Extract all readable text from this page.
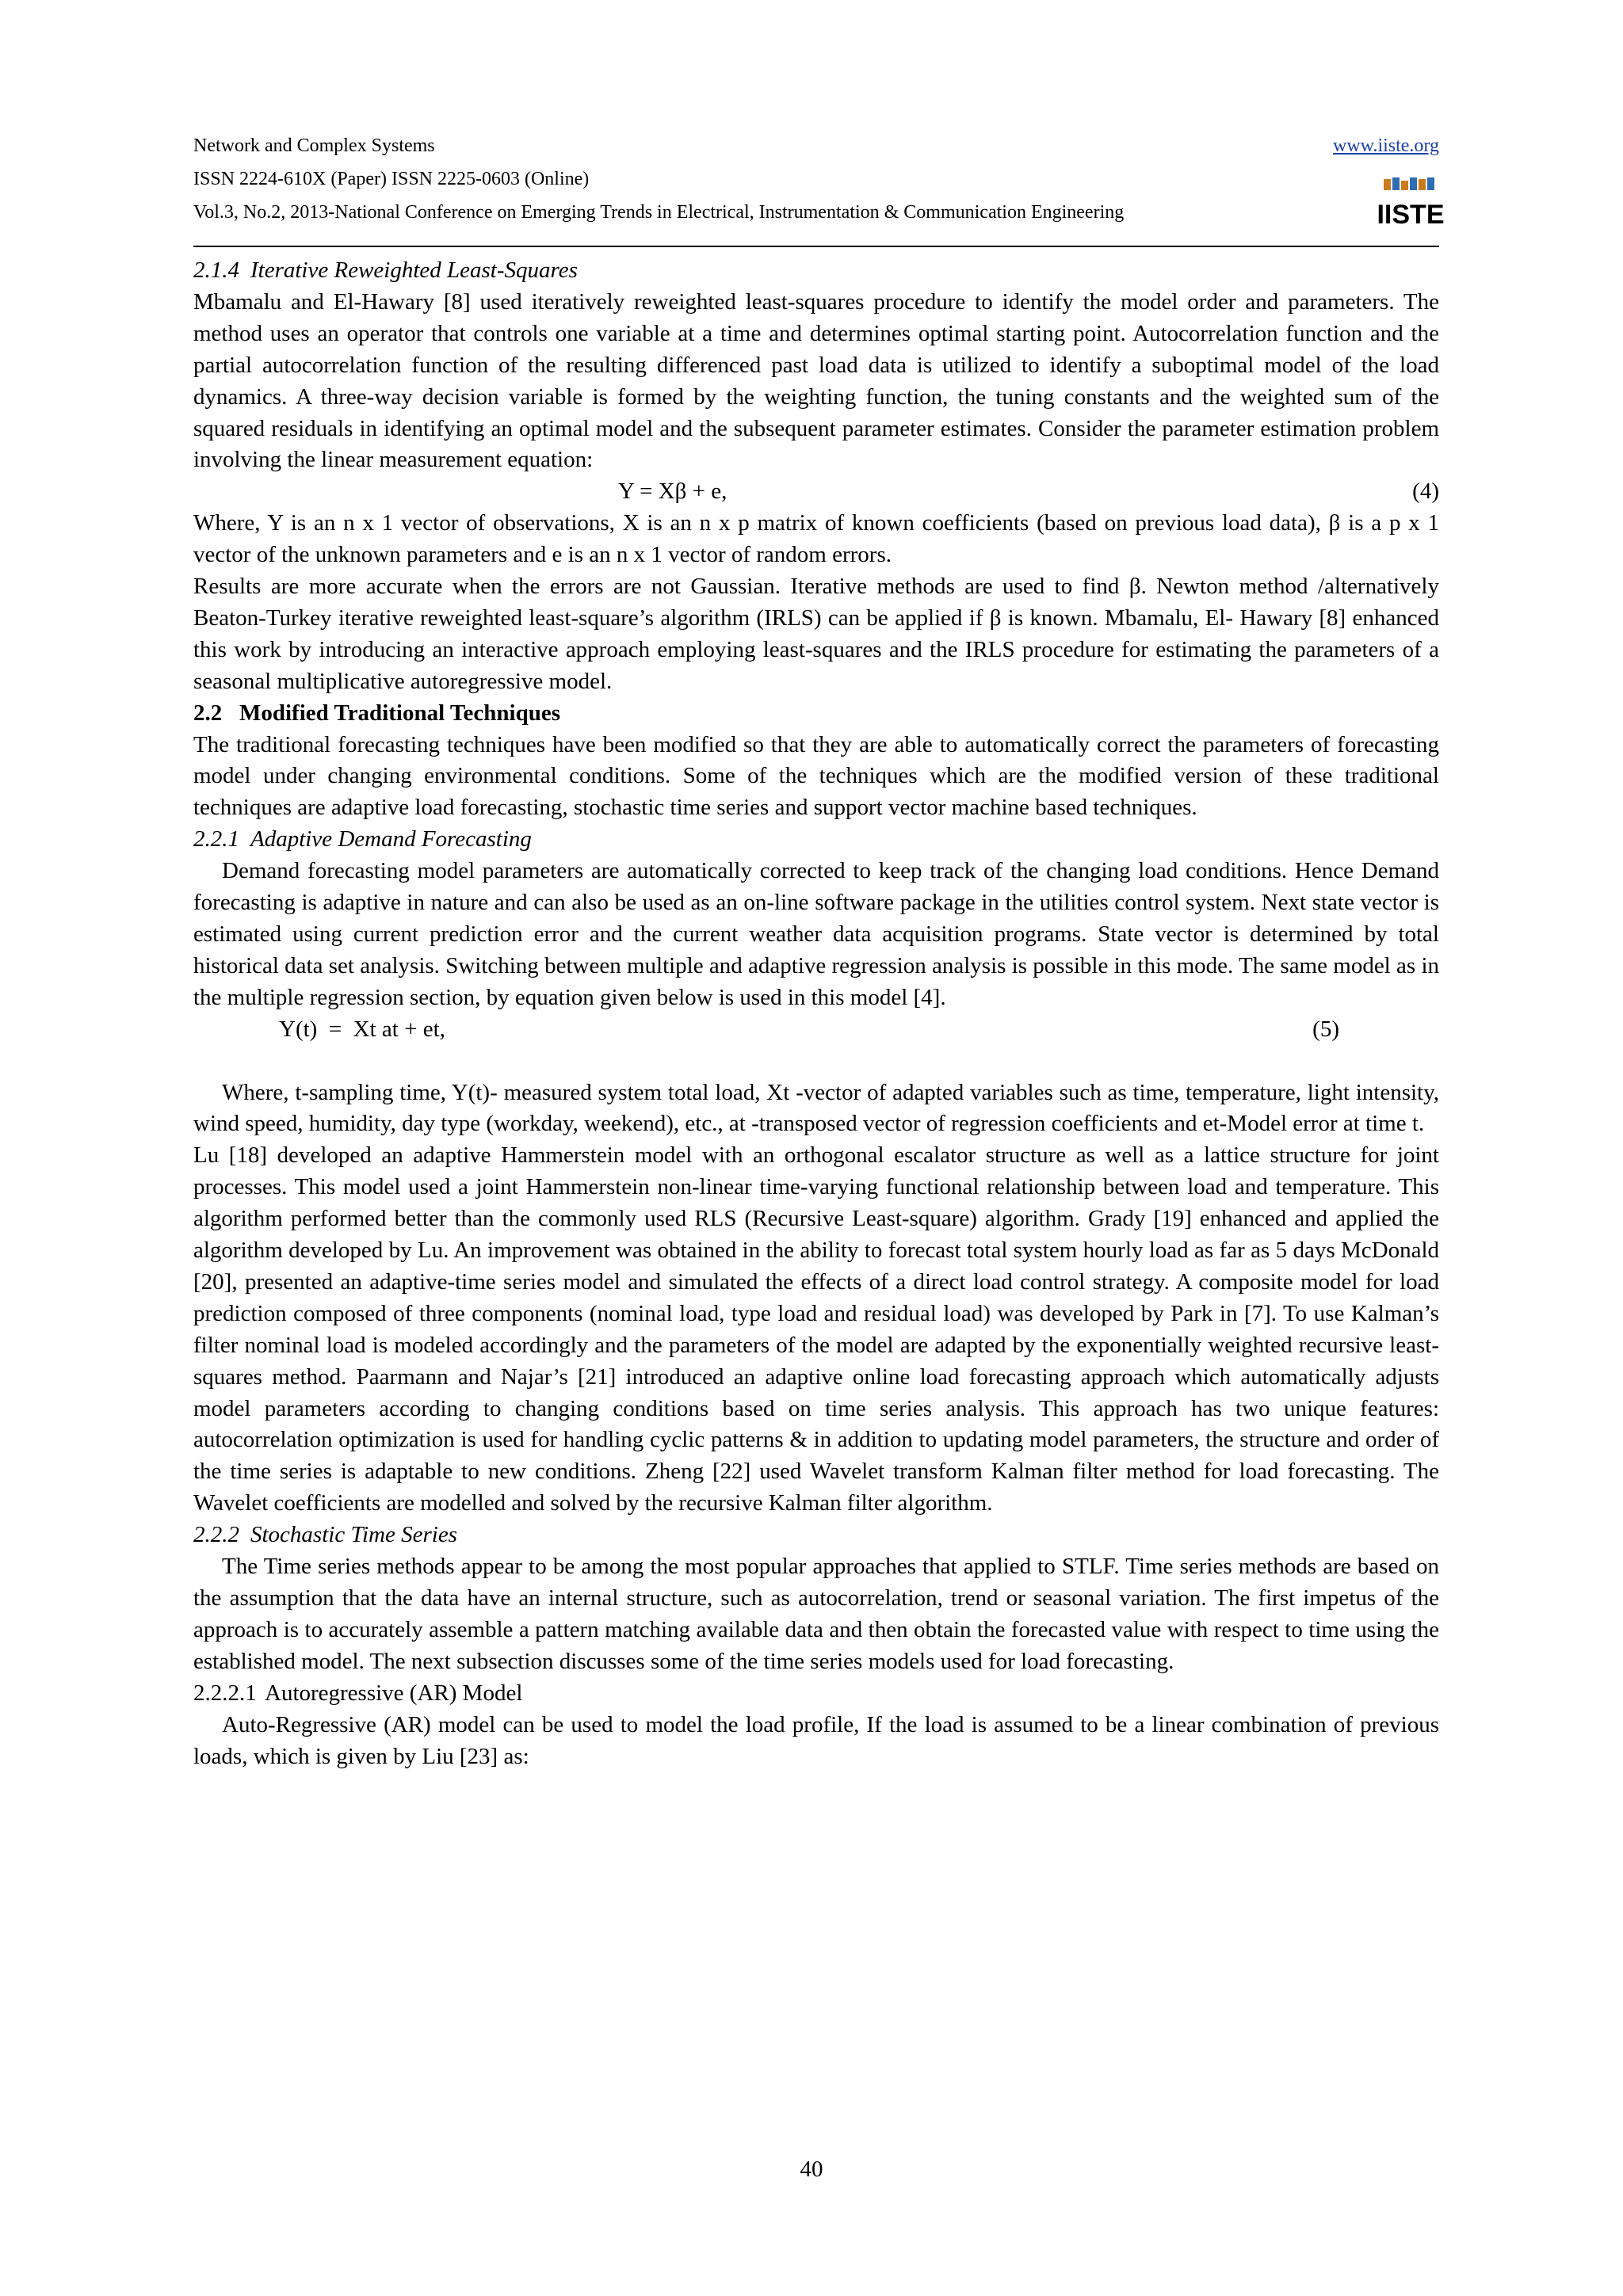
Network and Complex Systems
ISSN 2224-610X (Paper) ISSN 2225-0603 (Online)
Vol.3, No.2, 2013-National Conference on Emerging Trends in Electrical, Instrumentation & Communication Engineering
www.iiste.org
IISTE
2.1.4 Iterative Reweighted Least-Squares

Mbamalu and El-Hawary [8] used iteratively reweighted least-squares procedure to identify the model order and parameters. The method uses an operator that controls one variable at a time and determines optimal starting point. Autocorrelation function and the partial autocorrelation function of the resulting differenced past load data is utilized to identify a suboptimal model of the load dynamics. A three-way decision variable is formed by the weighting function, the tuning constants and the weighted sum of the squared residuals in identifying an optimal model and the subsequent parameter estimates. Consider the parameter estimation problem involving the linear measurement equation:

Y = Xβ + e,	(4)

Where, Y is an n x 1 vector of observations, X is an n x p matrix of known coefficients (based on previous load data), β is a p x 1 vector of the unknown parameters and e is an n x 1 vector of random errors.

Results are more accurate when the errors are not Gaussian. Iterative methods are used to find β. Newton method /alternatively Beaton-Turkey iterative reweighted least-square’s algorithm (IRLS) can be applied if β is known. Mbamalu, El- Hawary [8] enhanced this work by introducing an interactive approach employing least-squares and the IRLS procedure for estimating the parameters of a seasonal multiplicative autoregressive model.

2.2 Modified Traditional Techniques

The traditional forecasting techniques have been modified so that they are able to automatically correct the parameters of forecasting model under changing environmental conditions. Some of the techniques which are the modified version of these traditional techniques are adaptive load forecasting, stochastic time series and support vector machine based techniques.

2.2.1 Adaptive Demand Forecasting

Demand forecasting model parameters are automatically corrected to keep track of the changing load conditions. Hence Demand forecasting is adaptive in nature and can also be used as an on-line software package in the utilities control system. Next state vector is estimated using current prediction error and the current weather data acquisition programs. State vector is determined by total historical data set analysis. Switching between multiple and adaptive regression analysis is possible in this mode. The same model as in the multiple regression section, by equation given below is used in this model [4].

Y(t)  =  Xt at + et,	(5)

Where, t-sampling time, Y(t)- measured system total load, Xt -vector of adapted variables such as time, temperature, light intensity, wind speed, humidity, day type (workday, weekend), etc., at -transposed vector of regression coefficients and et-Model error at time t.

Lu [18] developed an adaptive Hammerstein model with an orthogonal escalator structure as well as a lattice structure for joint processes. This model used a joint Hammerstein non-linear time-varying functional relationship between load and temperature. This algorithm performed better than the commonly used RLS (Recursive Least-square) algorithm. Grady [19] enhanced and applied the algorithm developed by Lu. An improvement was obtained in the ability to forecast total system hourly load as far as 5 days McDonald [20], presented an adaptive-time series model and simulated the effects of a direct load control strategy. A composite model for load prediction composed of three components (nominal load, type load and residual load) was developed by Park in [7]. To use Kalman’s filter nominal load is modeled accordingly and the parameters of the model are adapted by the exponentially weighted recursive least-squares method. Paarmann and Najar’s [21] introduced an adaptive online load forecasting approach which automatically adjusts model parameters according to changing conditions based on time series analysis. This approach has two unique features: autocorrelation optimization is used for handling cyclic patterns & in addition to updating model parameters, the structure and order of the time series is adaptable to new conditions. Zheng [22] used Wavelet transform Kalman filter method for load forecasting. The Wavelet coefficients are modelled and solved by the recursive Kalman filter algorithm.

2.2.2 Stochastic Time Series

The Time series methods appear to be among the most popular approaches that applied to STLF. Time series methods are based on the assumption that the data have an internal structure, such as autocorrelation, trend or seasonal variation. The first impetus of the approach is to accurately assemble a pattern matching available data and then obtain the forecasted value with respect to time using the established model. The next subsection discusses some of the time series models used for load forecasting.

2.2.2.1 Autoregressive (AR) Model

Auto-Regressive (AR) model can be used to model the load profile, If the load is assumed to be a linear combination of previous loads, which is given by Liu [23] as:

40
